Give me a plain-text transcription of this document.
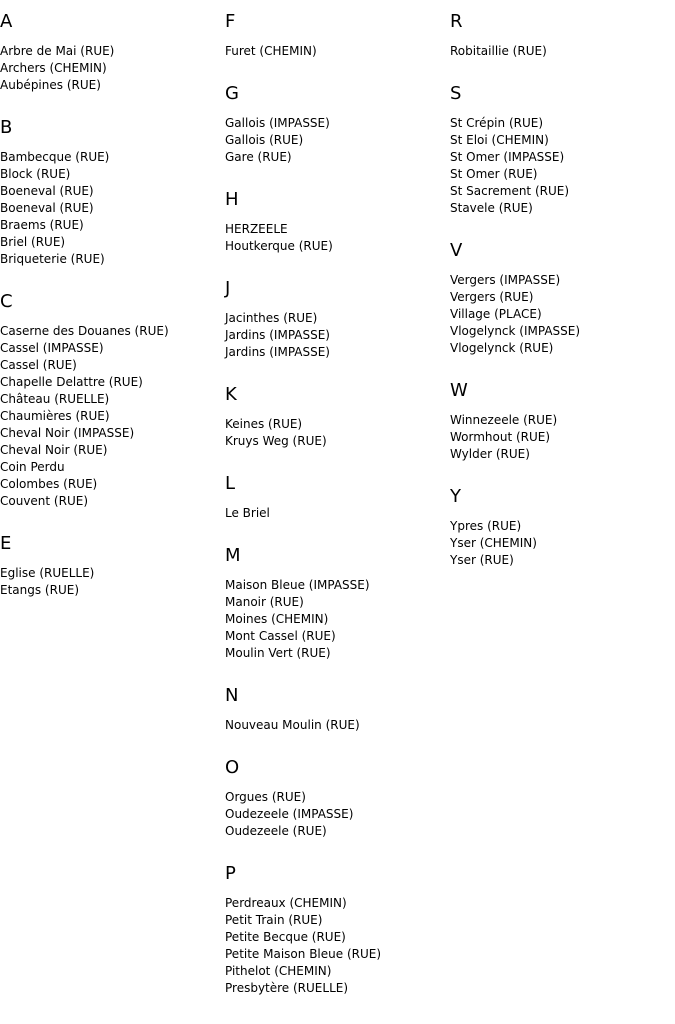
A
Arbre de Mai (RUE)
Archers (CHEMIN)
Aubépines (RUE)
B
Bambecque (RUE)
Block (RUE)
Boeneval (RUE)
Boeneval (RUE)
Braems (RUE)
Briel (RUE)
Briqueterie (RUE)
C
Caserne des Douanes (RUE)
Cassel (IMPASSE)
Cassel (RUE)
Chapelle Delattre (RUE)
Château (RUELLE)
Chaumières (RUE)
Cheval Noir (IMPASSE)
Cheval Noir (RUE)
Coin Perdu
Colombes (RUE)
Couvent (RUE)
E
Eglise (RUELLE)
Etangs (RUE)
F
Furet (CHEMIN)
G
Gallois (IMPASSE)
Gallois (RUE)
Gare (RUE)
H
HERZEELE
Houtkerque (RUE)
J
Jacinthes (RUE)
Jardins (IMPASSE)
Jardins (IMPASSE)
K
Keines (RUE)
Kruys Weg (RUE)
L
Le Briel
M
Maison Bleue (IMPASSE)
Manoir (RUE)
Moines (CHEMIN)
Mont Cassel (RUE)
Moulin Vert (RUE)
N
Nouveau Moulin (RUE)
O
Orgues (RUE)
Oudezeele (IMPASSE)
Oudezeele (RUE)
P
Perdreaux (CHEMIN)
Petit Train (RUE)
Petite Becque (RUE)
Petite Maison Bleue (RUE)
Pithelot (CHEMIN)
Presbytère (RUELLE)
R
Robitaillie (RUE)
S
St Crépin (RUE)
St Eloi (CHEMIN)
St Omer (IMPASSE)
St Omer (RUE)
St Sacrement (RUE)
Stavele (RUE)
V
Vergers (IMPASSE)
Vergers (RUE)
Village (PLACE)
Vlogelynck (IMPASSE)
Vlogelynck (RUE)
W
Winnezeele (RUE)
Wormhout (RUE)
Wylder (RUE)
Y
Ypres (RUE)
Yser (CHEMIN)
Yser (RUE)
